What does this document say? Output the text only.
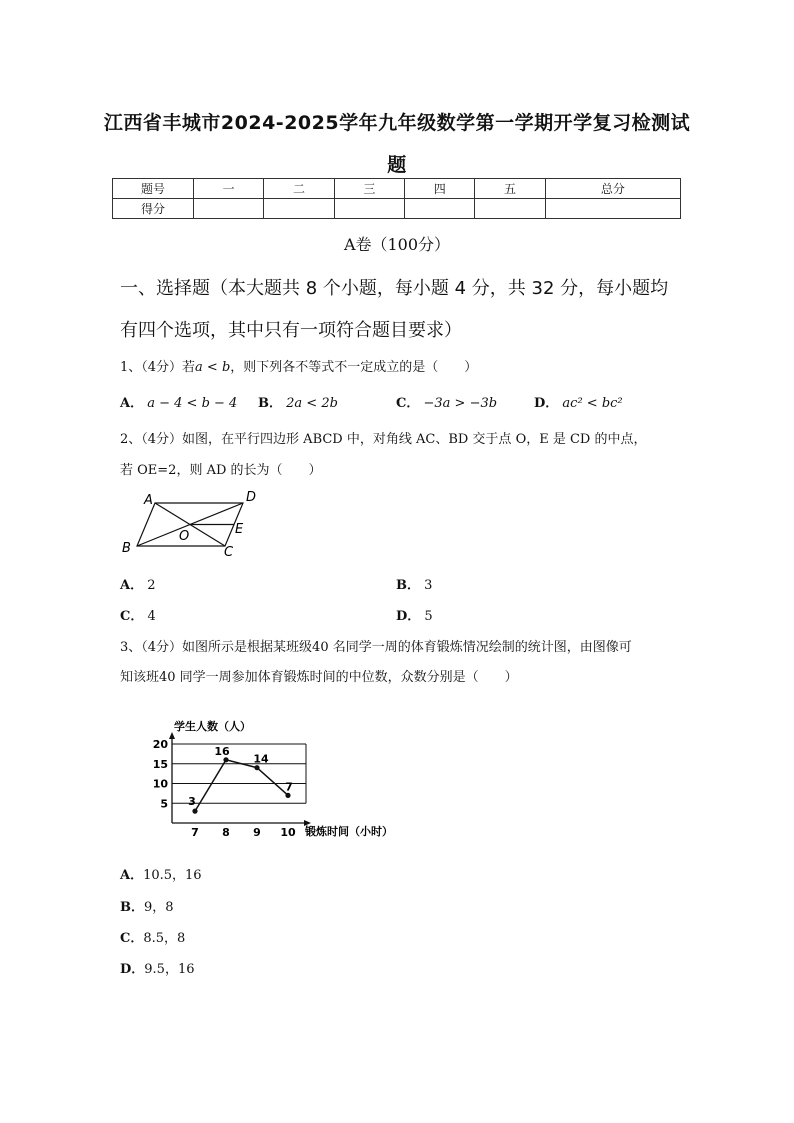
江西省丰城市2024-2025学年九年级数学第一学期开学复习检测试
题
题号	一	二	三	四	五	总分
得分						
A卷（100分）
一、选择题（本大题共 8 个小题，每小题 4 分，共 32 分，每小题均
有四个选项，其中只有一项符合题目要求）
1、（4分）若a < b，则下列各不等式不一定成立的是（　　）
A． a − 4 < b − 4 B． 2a < 2b	C． −3a > −3b	D． ac² < bc²
2、（4分）如图，在平行四边形 ABCD 中，对角线 AC、BD 交于点 O，E 是 CD 的中点，
若 OE=2，则 AD 的长为（　　）
A	D
B	C
O	E
A． 2	B． 3
C． 4	D． 5
3、（4分）如图所示是根据某班级40 名同学一周的体育锻炼情况绘制的统计图，由图像可
知该班40 同学一周参加体育锻炼时间的中位数，众数分别是（　　）
学生人数（人）
锻炼时间（小时）
5
10
15
20
7 8 9 10
3
16
14
7
A．10.5，16
B．9，8
C．8.5，8
D．9.5，16
